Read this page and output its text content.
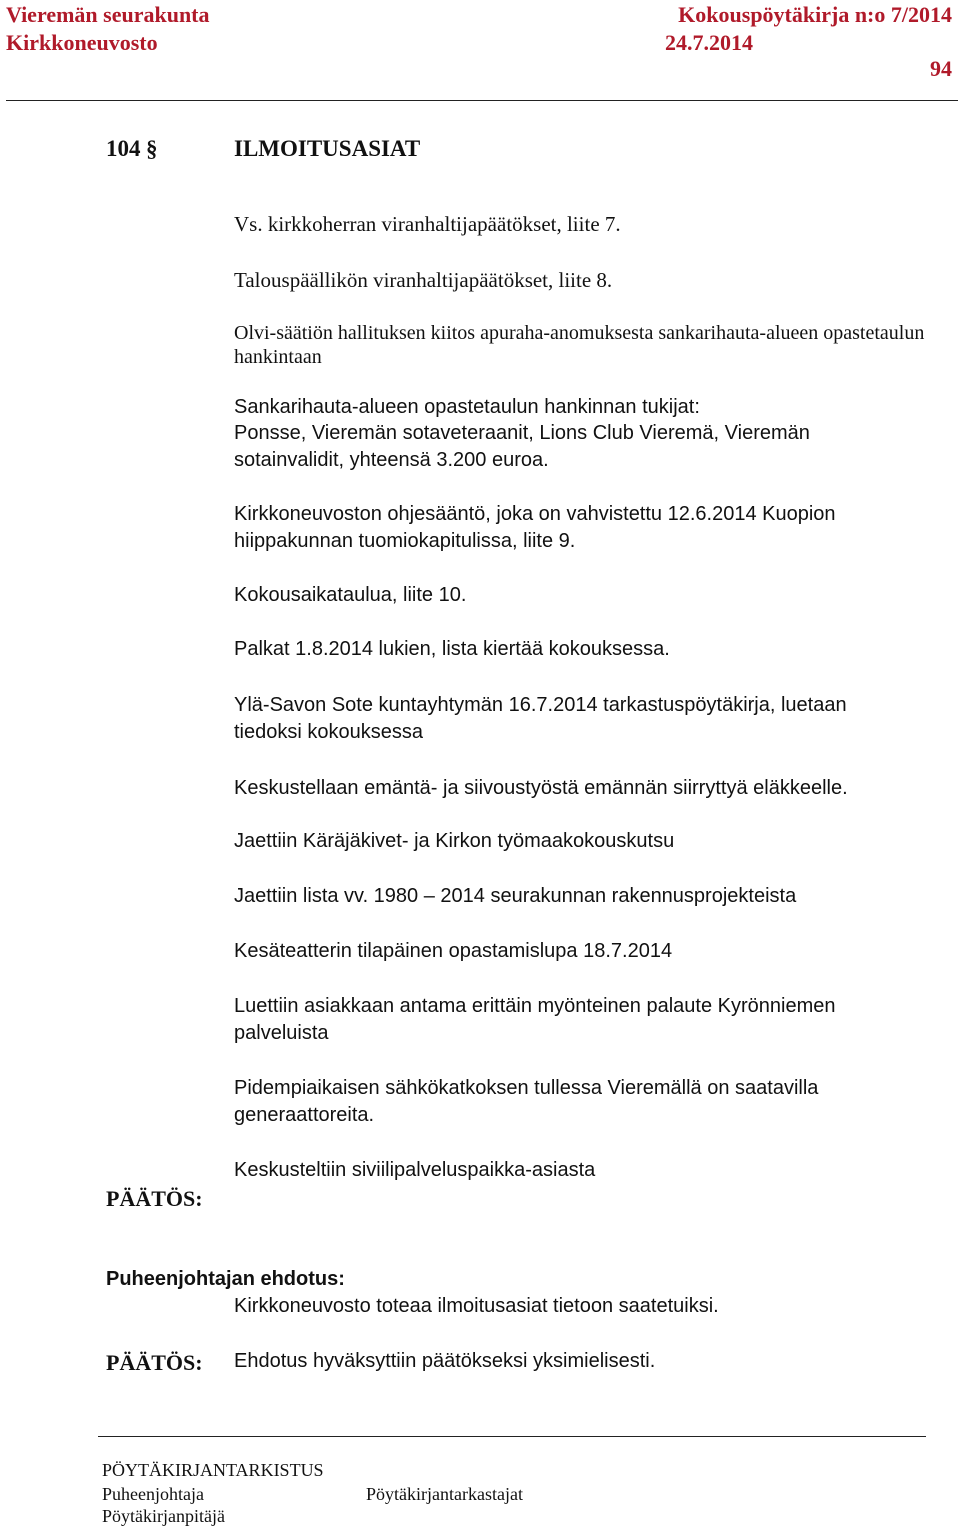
Vieremän seurakunta
Kirkkoneuvosto
Kokouspöytäkirja n:o 7/2014
24.7.2014
94
104 §	ILMOITUSASIAT
Vs. kirkkoherran viranhaltijapäätökset, liite 7.
Talouspäällikön viranhaltijapäätökset, liite 8.
Olvi-säätiön hallituksen kiitos apuraha-anomuksesta sankarihauta-alueen opastetaulun
hankintaan
Sankarihauta-alueen opastetaulun hankinnan tukijat:
Ponsse, Vieremän sotaveteraanit, Lions Club Vieremä, Vieremän
sotainvalidit, yhteensä 3.200 euroa.
Kirkkoneuvoston ohjesääntö, joka on vahvistettu 12.6.2014 Kuopion
hiippakunnan tuomiokapitulissa, liite 9.
Kokousaikataulua, liite 10.
Palkat 1.8.2014 lukien, lista kiertää kokouksessa.
Ylä-Savon Sote kuntayhtymän 16.7.2014 tarkastuspöytäkirja, luetaan
tiedoksi kokouksessa
Keskustellaan emäntä- ja siivoustyöstä emännän siirryttyä eläkkeelle.
Jaettiin Käräjäkivet- ja Kirkon työmaakokouskutsu
Jaettiin lista vv. 1980 – 2014 seurakunnan rakennusprojekteista
Kesäteatterin tilapäinen opastamislupa 18.7.2014
Luettiin asiakkaan antama erittäin myönteinen palaute Kyrönniemen
palveluista
Pidempiaikaisen sähkökatkoksen tullessa Vieremällä on saatavilla
generaattoreita.
Keskusteltiin siviilipalveluspaikka-asiasta
PÄÄTÖS:
Puheenjohtajan ehdotus:
Kirkkoneuvosto toteaa ilmoitusasiat tietoon saatetuiksi.
PÄÄTÖS: Ehdotus hyväksyttiin päätökseksi yksimielisesti.
PÖYTÄKIRJANTARKISTUS
Puheenjohtaja	Pöytäkirjantarkastajat
Pöytäkirjanpitäjä
